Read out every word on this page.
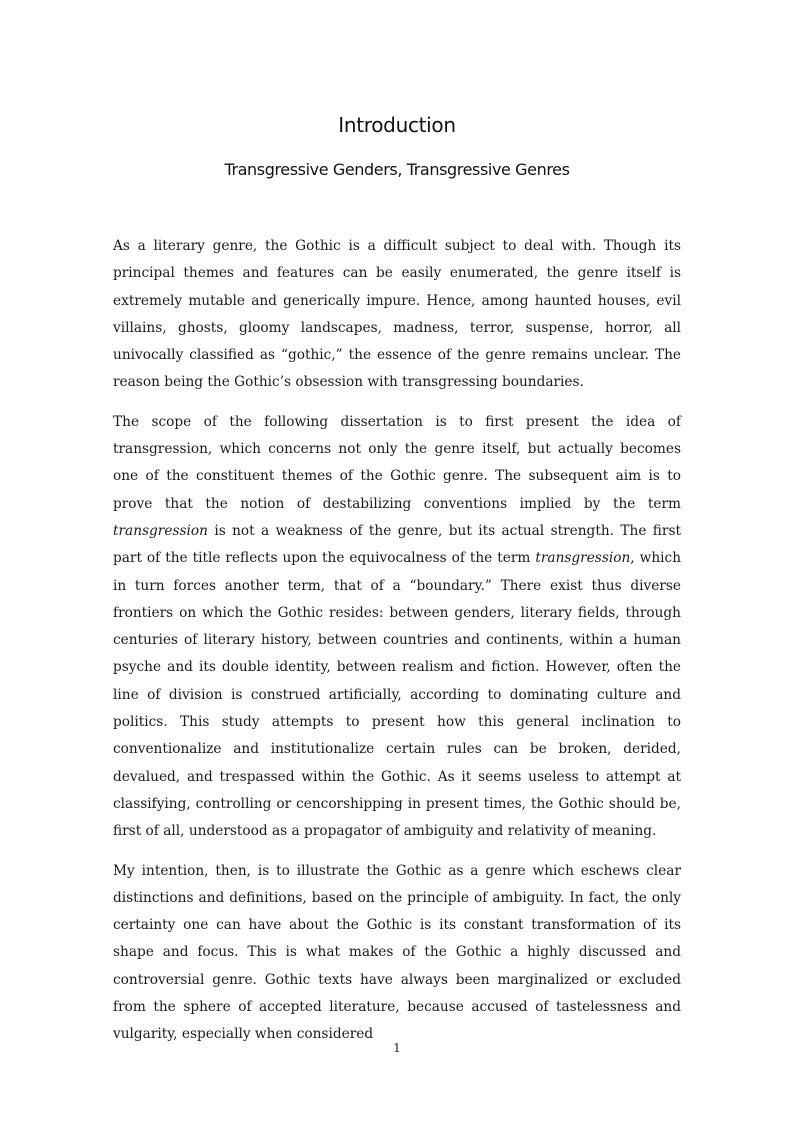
Introduction
Transgressive Genders, Transgressive Genres

As a literary genre, the Gothic is a difficult subject to deal with. Though its principal themes and features can be easily enumerated, the genre itself is extremely mutable and generically impure. Hence, among haunted houses, evil villains, ghosts, gloomy landscapes, madness, terror, suspense, horror, all univocally classified as “gothic,” the essence of the genre remains unclear. The reason being the Gothic’s obsession with transgressing boundaries.

The scope of the following dissertation is to first present the idea of transgression, which concerns not only the genre itself, but actually becomes one of the constituent themes of the Gothic genre. The subsequent aim is to prove that the notion of destabilizing conventions implied by the term transgression is not a weakness of the genre, but its actual strength. The first part of the title reflects upon the equivocalness of the term transgression, which in turn forces another term, that of a “boundary.” There exist thus diverse frontiers on which the Gothic resides: between genders, literary fields, through centuries of literary history, between countries and continents, within a human psyche and its double identity, between realism and fiction. However, often the line of division is construed artificially, according to dominating culture and politics. This study attempts to present how this general inclination to conventionalize and institutionalize certain rules can be broken, derided, devalued, and trespassed within the Gothic. As it seems useless to attempt at classifying, controlling or cencorshipping in present times, the Gothic should be, first of all, understood as a propagator of ambiguity and relativity of meaning.

My intention, then, is to illustrate the Gothic as a genre which eschews clear distinctions and definitions, based on the principle of ambiguity. In fact, the only certainty one can have about the Gothic is its constant transformation of its shape and focus. This is what makes of the Gothic a highly discussed and controversial genre. Gothic texts have always been marginalized or excluded from the sphere of accepted literature, because accused of tastelessness and vulgarity, especially when considered

1
